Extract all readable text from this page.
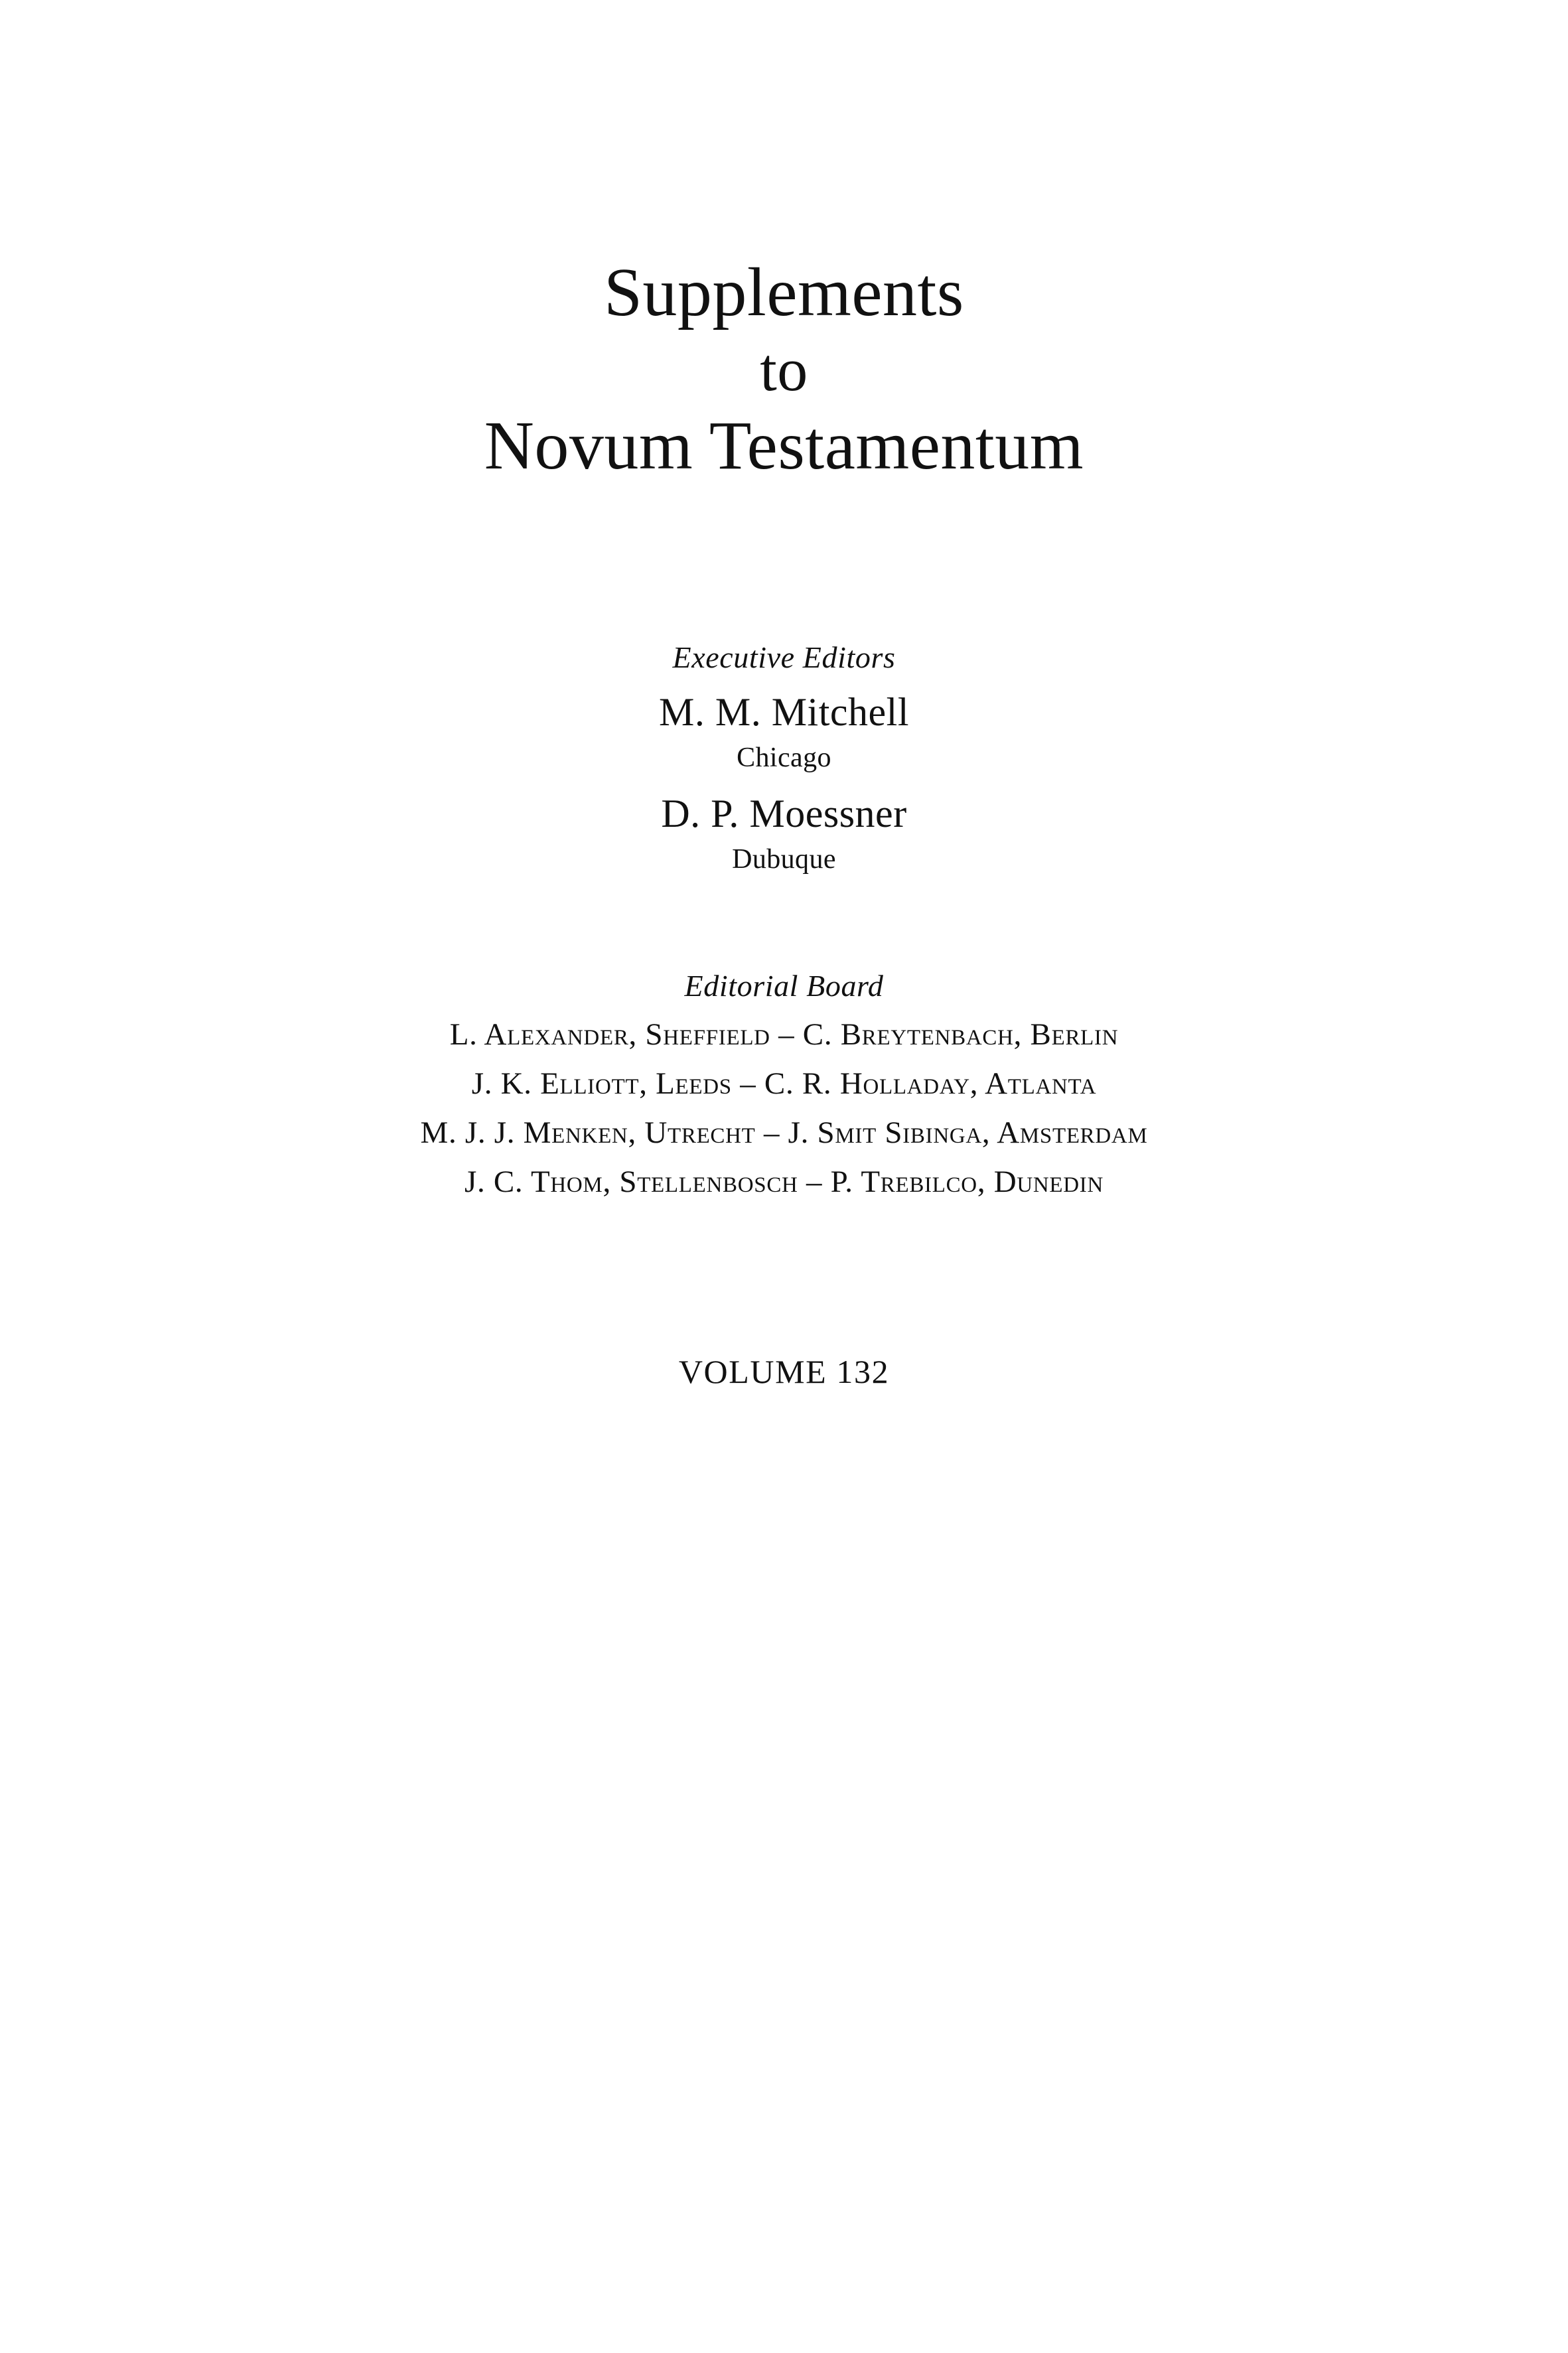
Supplements
to
Novum Testamentum
Executive Editors
M. M. Mitchell
Chicago
D. P. Moessner
Dubuque
Editorial Board
L. Alexander, Sheffield – C. Breytenbach, Berlin
J. K. Elliott, Leeds – C. R. Holladay, Atlanta
M. J. J. Menken, Utrecht – J. Smit Sibinga, Amsterdam
J. C. Thom, Stellenbosch – P. Trebilco, Dunedin
VOLUME 132
